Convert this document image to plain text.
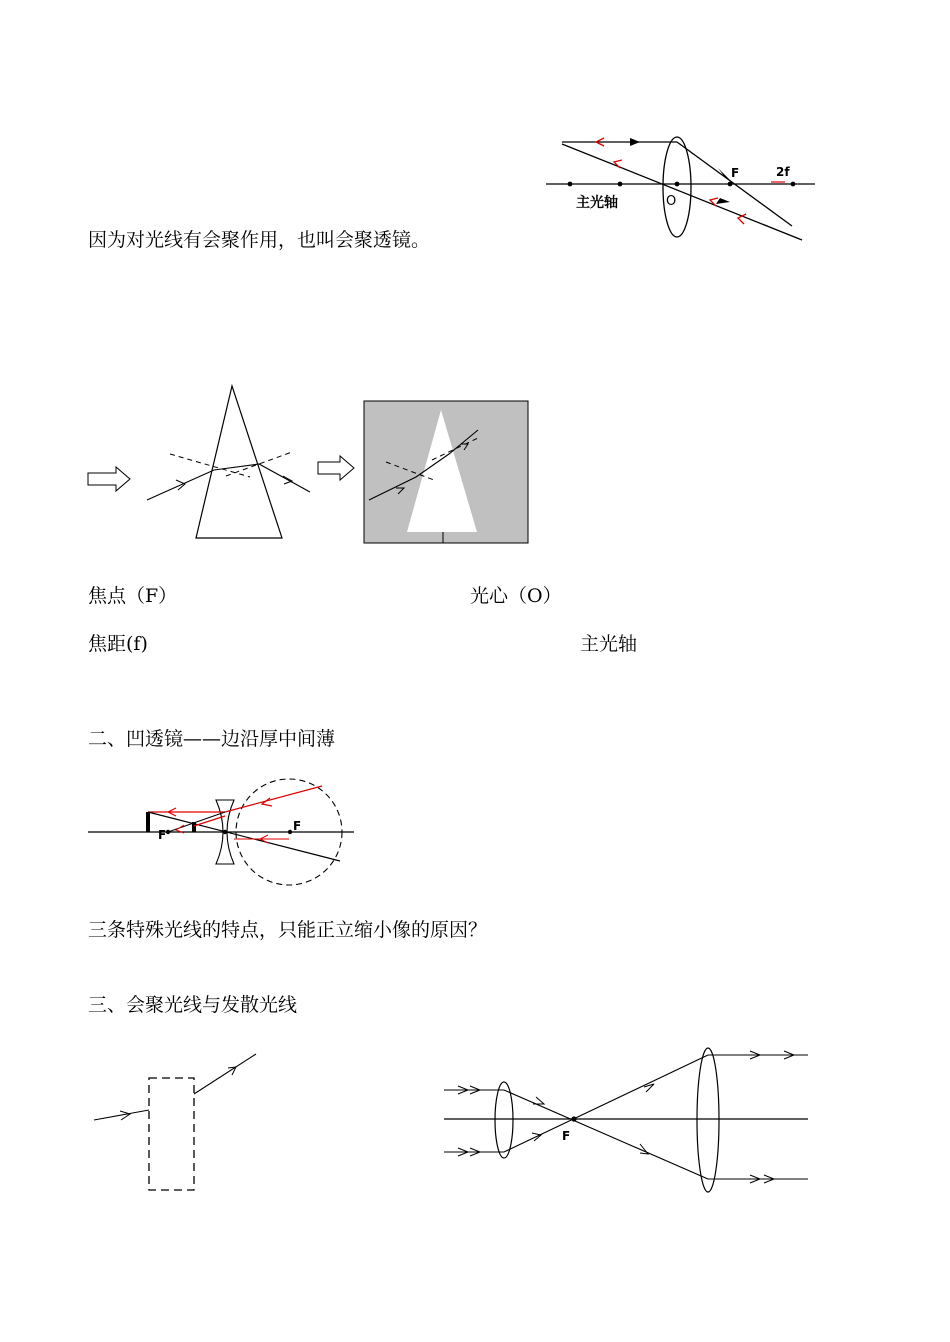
主光轴	O
F	2f
因为对光线有会聚作用，也叫会聚透镜。
焦点（F）	光心（O）
焦距(f)	主光轴
二、凹透镜——边沿厚中间薄
F
F
三条特殊光线的特点，只能正立缩小像的原因？
三、会聚光线与发散光线
F
